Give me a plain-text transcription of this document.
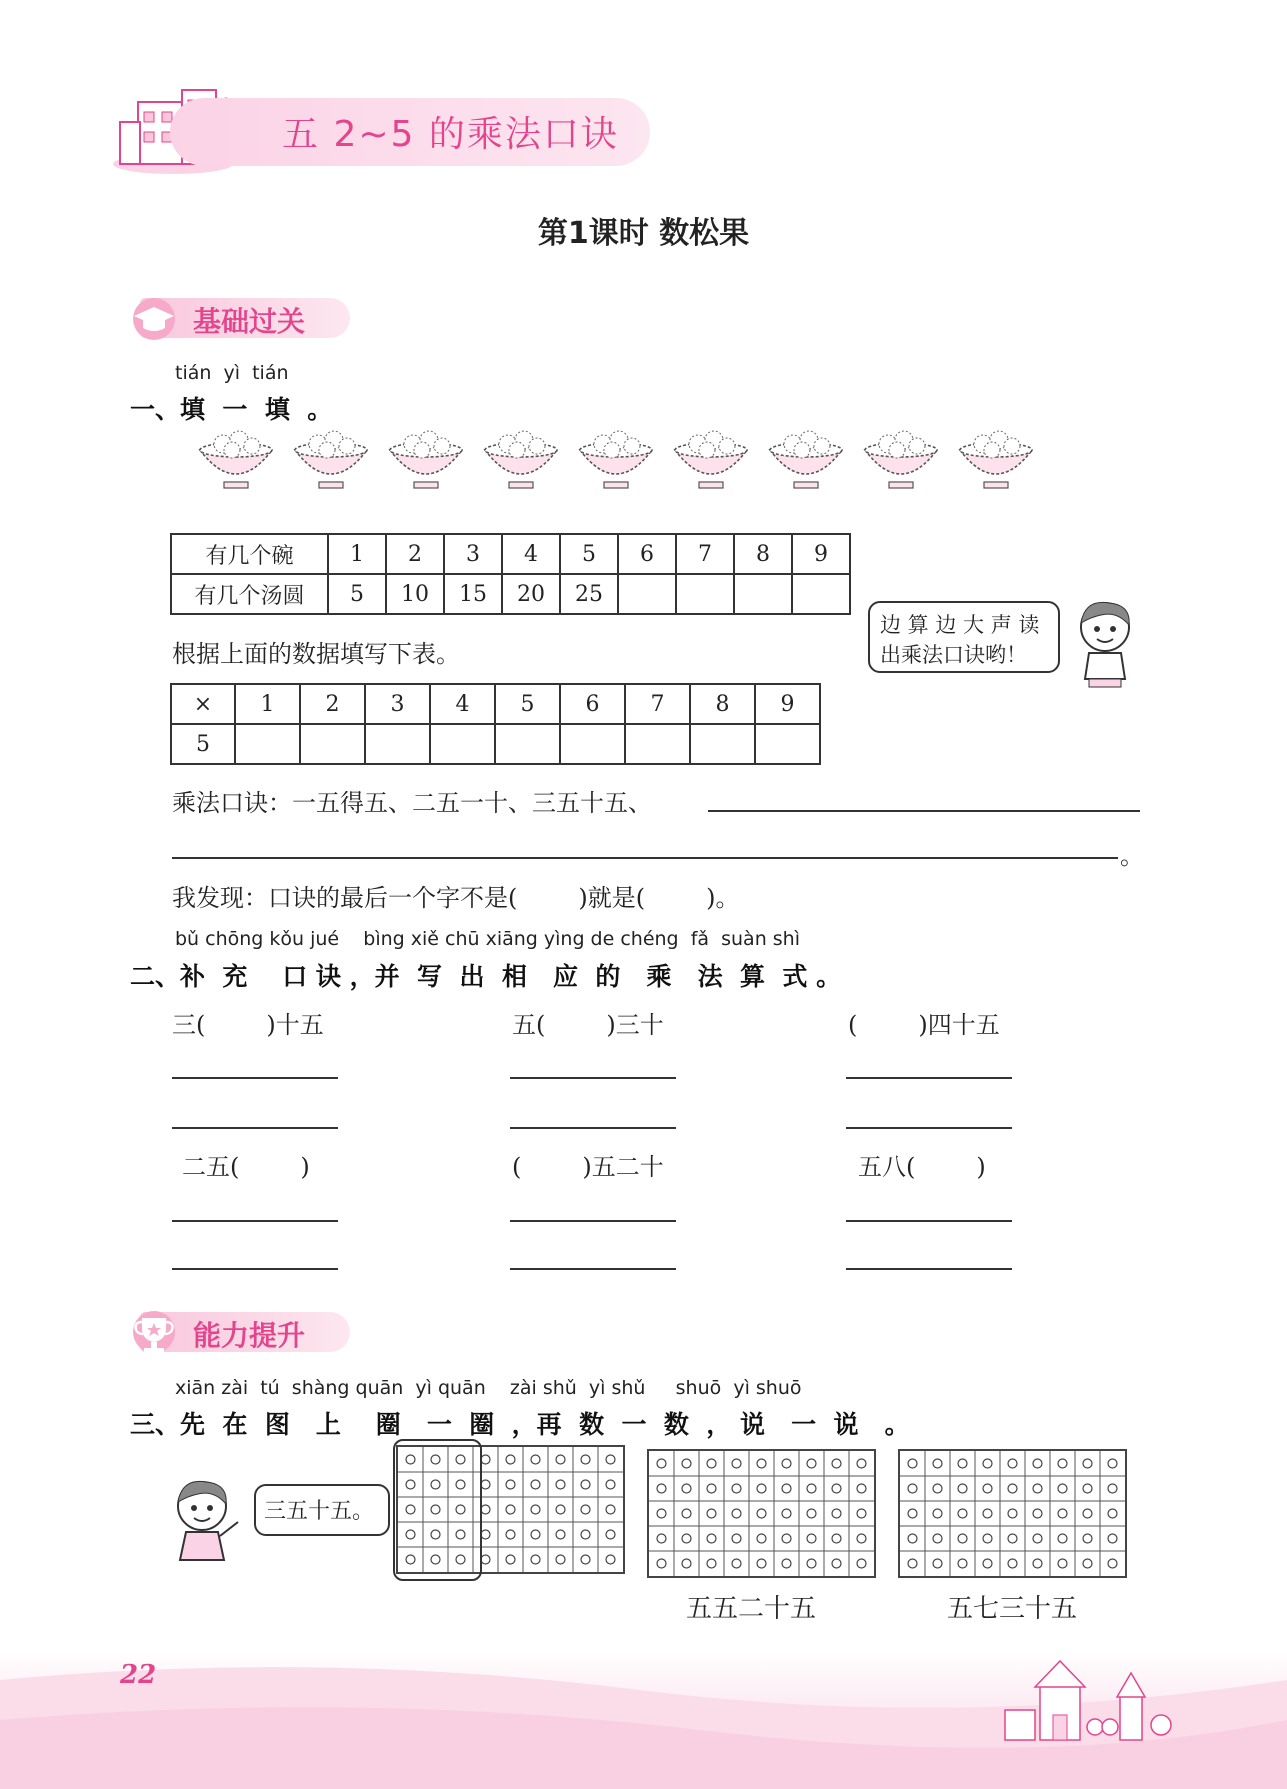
五 2~5 的乘法口诀
第1课时 数松果
基础过关
tián  yì  tián
一、填  一  填  。
有几个碗	1	2	3	4	5	6	7	8	9
有几个汤圆	5	10	15	20	25				
边 算 边 大 声 读
出乘法口诀哟！
根据上面的数据填写下表。
×	1	2	3	4	5	6	7	8	9
5									
乘法口诀：一五得五、二五一十、三五十五、
。
我发现：口诀的最后一个字不是(        )就是(        )。
bǔ chōng kǒu jué    bìng xiě chū xiāng yìng de chéng  fǎ  suàn shì
二、补  充    口 诀 ，并  写  出  相   应  的   乘   法  算  式 。
三(        )十五	五(        )三十	(        )四十五
二五(        )	(        )五二十	五八(        )
能力提升
xiān zài  tú  shàng quān  yì quān    zài shǔ  yì shǔ     shuō  yì shuō
三、先  在  图   上    圈   一  圈  ，再  数  一  数  ， 说   一  说   。
三五十五。
五五二十五	五七三十五
22
